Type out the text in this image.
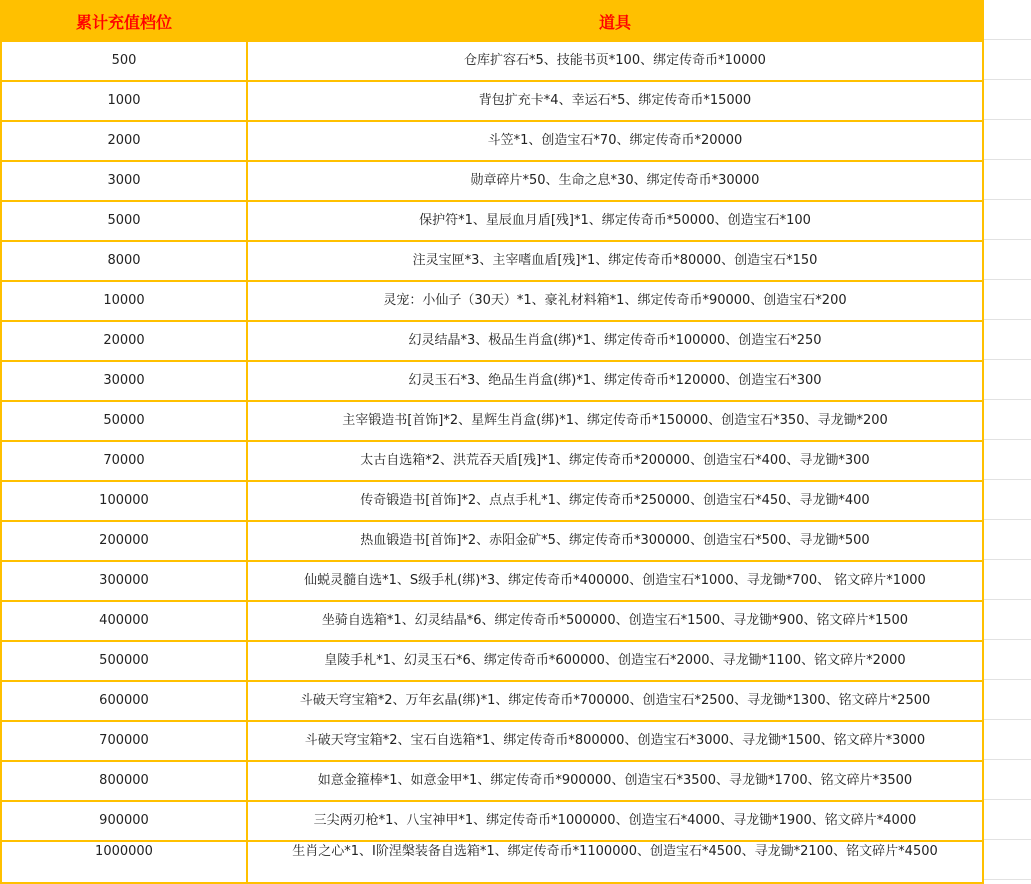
累计充值档位	道具
500	仓库扩容石*5、技能书页*100、绑定传奇币*10000
1000	背包扩充卡*4、幸运石*5、绑定传奇币*15000
2000	斗笠*1、创造宝石*70、绑定传奇币*20000
3000	勋章碎片*50、生命之息*30、绑定传奇币*30000
5000	保护符*1、星辰血月盾[残]*1、绑定传奇币*50000、创造宝石*100
8000	注灵宝匣*3、主宰嗜血盾[残]*1、绑定传奇币*80000、创造宝石*150
10000	灵宠：小仙子（30天）*1、豪礼材料箱*1、绑定传奇币*90000、创造宝石*200
20000	幻灵结晶*3、极品生肖盒(绑)*1、绑定传奇币*100000、创造宝石*250
30000	幻灵玉石*3、绝品生肖盒(绑)*1、绑定传奇币*120000、创造宝石*300
50000	主宰锻造书[首饰]*2、星辉生肖盒(绑)*1、绑定传奇币*150000、创造宝石*350、寻龙锄*200
70000	太古自选箱*2、洪荒吞天盾[残]*1、绑定传奇币*200000、创造宝石*400、寻龙锄*300
100000	传奇锻造书[首饰]*2、点点手札*1、绑定传奇币*250000、创造宝石*450、寻龙锄*400
200000	热血锻造书[首饰]*2、赤阳金矿*5、绑定传奇币*300000、创造宝石*500、寻龙锄*500
300000	仙蜕灵髓自选*1、S级手札(绑)*3、绑定传奇币*400000、创造宝石*1000、寻龙锄*700、 铭文碎片*1000
400000	坐骑自选箱*1、幻灵结晶*6、绑定传奇币*500000、创造宝石*1500、寻龙锄*900、铭文碎片*1500
500000	皇陵手札*1、幻灵玉石*6、绑定传奇币*600000、创造宝石*2000、寻龙锄*1100、铭文碎片*2000
600000	斗破天穹宝箱*2、万年玄晶(绑)*1、绑定传奇币*700000、创造宝石*2500、寻龙锄*1300、铭文碎片*2500
700000	斗破天穹宝箱*2、宝石自选箱*1、绑定传奇币*800000、创造宝石*3000、寻龙锄*1500、铭文碎片*3000
800000	如意金箍棒*1、如意金甲*1、绑定传奇币*900000、创造宝石*3500、寻龙锄*1700、铭文碎片*3500
900000	三尖两刃枪*1、八宝神甲*1、绑定传奇币*1000000、创造宝石*4000、寻龙锄*1900、铭文碎片*4000
1000000	生肖之心*1、Ⅰ阶涅槃装备自选箱*1、绑定传奇币*1100000、创造宝石*4500、寻龙锄*2100、铭文碎片*4500
